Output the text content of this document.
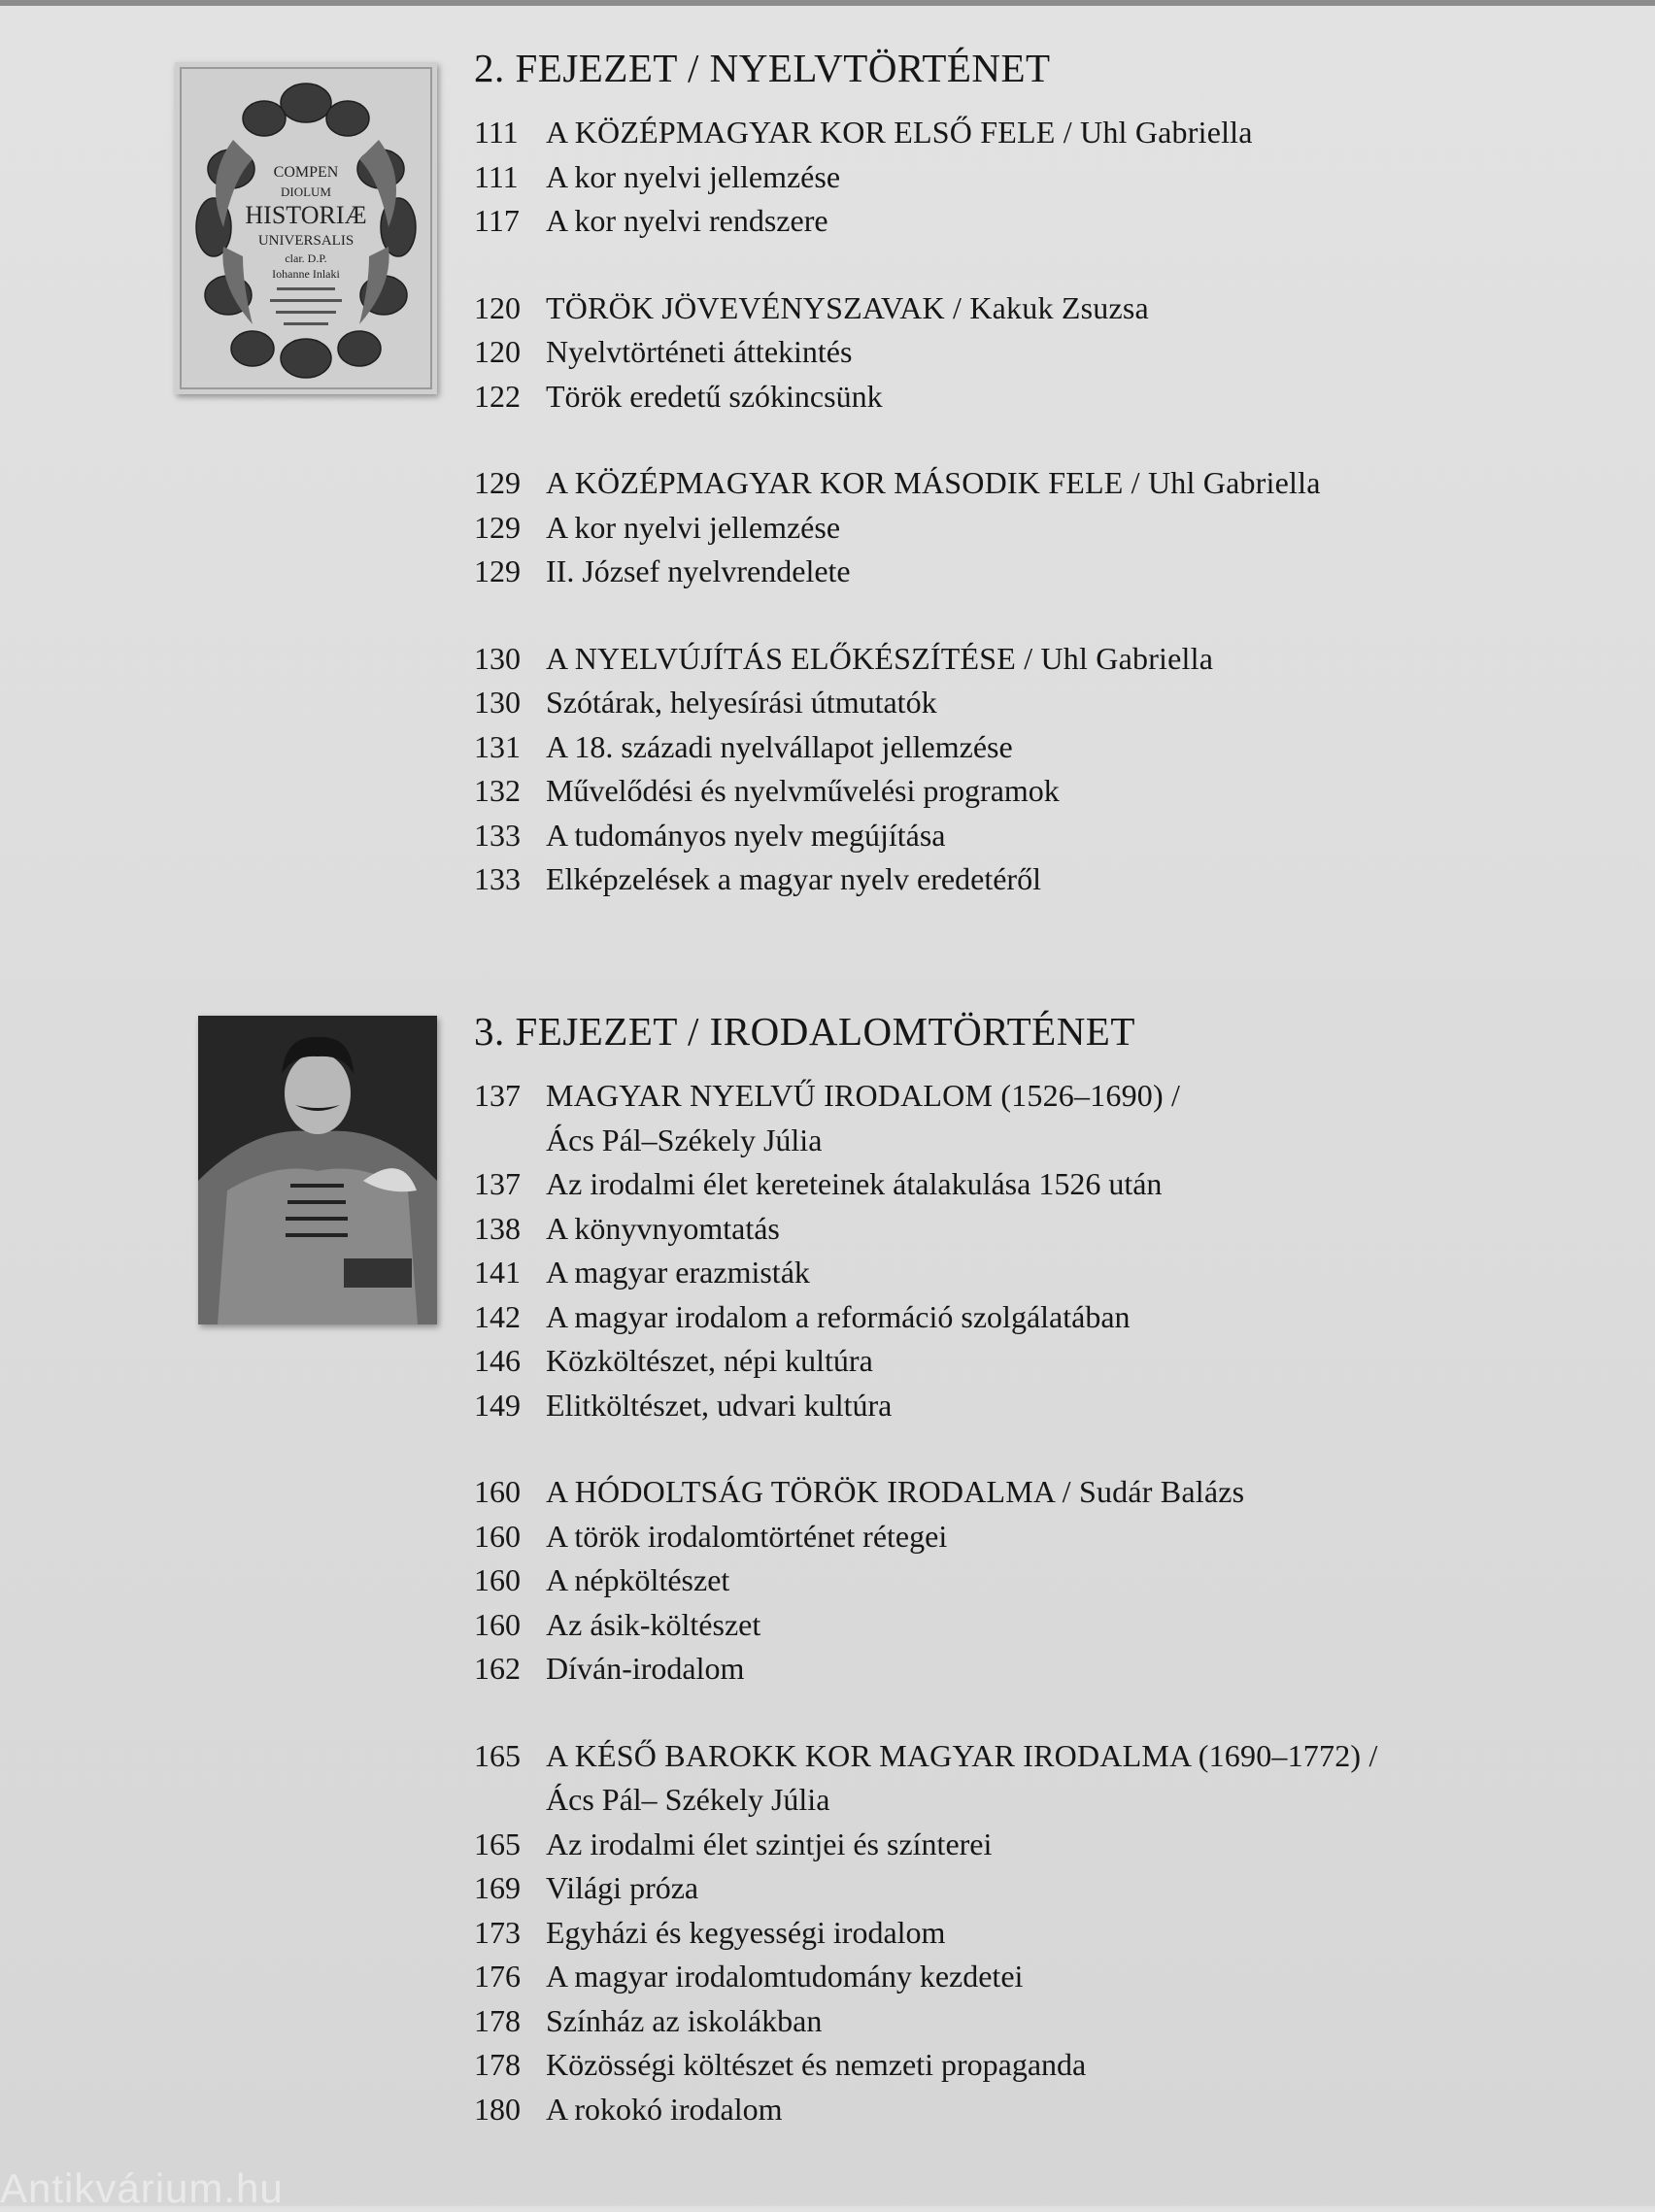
COMPEN
DIOLUM
HISTORIÆ
UNIVERSALIS
clar. D.P.
Iohanne Inlaki
2. FEJEZET / NYELVTÖRTÉNET
111 A KÖZÉPMAGYAR KOR ELSŐ FELE / Uhl Gabriella
111 A kor nyelvi jellemzése
117 A kor nyelvi rendszere
120 TÖRÖK JÖVEVÉNYSZAVAK / Kakuk Zsuzsa
120 Nyelvtörténeti áttekintés
122 Török eredetű szókincsünk
129 A KÖZÉPMAGYAR KOR MÁSODIK FELE / Uhl Gabriella
129 A kor nyelvi jellemzése
129 II. József nyelvrendelete
130 A NYELVÚJÍTÁS ELŐKÉSZÍTÉSE / Uhl Gabriella
130 Szótárak, helyesírási útmutatók
131 A 18. századi nyelvállapot jellemzése
132 Művelődési és nyelvművelési programok
133 A tudományos nyelv megújítása
133 Elképzelések a magyar nyelv eredetéről
3. FEJEZET / IRODALOMTÖRTÉNET
137 MAGYAR NYELVŰ IRODALOM (1526–1690) /
Ács Pál–Székely Júlia
137 Az irodalmi élet kereteinek átalakulása 1526 után
138 A könyvnyomtatás
141 A magyar erazmisták
142 A magyar irodalom a reformáció szolgálatában
146 Közköltészet, népi kultúra
149 Elitköltészet, udvari kultúra
160 A HÓDOLTSÁG TÖRÖK IRODALMA / Sudár Balázs
160 A török irodalomtörténet rétegei
160 A népköltészet
160 Az ásik-költészet
162 Díván-irodalom
165 A KÉSŐ BAROKK KOR MAGYAR IRODALMA (1690–1772) /
Ács Pál– Székely Júlia
165 Az irodalmi élet szintjei és színterei
169 Világi próza
173 Egyházi és kegyességi irodalom
176 A magyar irodalomtudomány kezdetei
178 Színház az iskolákban
178 Közösségi költészet és nemzeti propaganda
180 A rokokó irodalom
Antikvárium.hu
